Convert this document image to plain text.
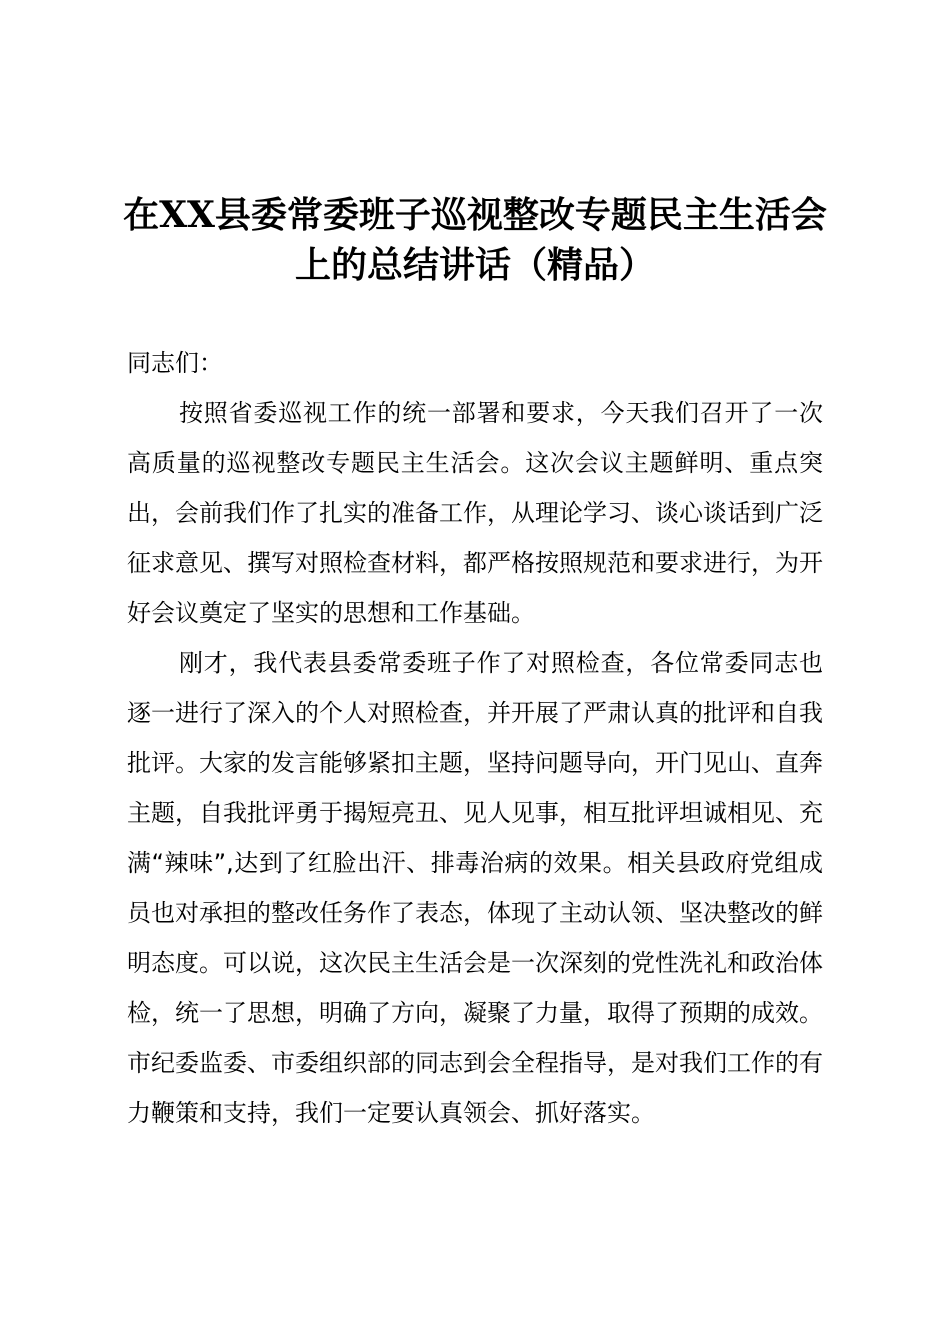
在XX县委常委班子巡视整改专题民主生活会上的总结讲话（精品）

同志们：

按照省委巡视工作的统一部署和要求，今天我们召开了一次高质量的巡视整改专题民主生活会。这次会议主题鲜明、重点突出，会前我们作了扎实的准备工作，从理论学习、谈心谈话到广泛征求意见、撰写对照检查材料，都严格按照规范和要求进行，为开好会议奠定了坚实的思想和工作基础。

刚才，我代表县委常委班子作了对照检查，各位常委同志也逐一进行了深入的个人对照检查，并开展了严肃认真的批评和自我批评。大家的发言能够紧扣主题，坚持问题导向，开门见山、直奔主题，自我批评勇于揭短亮丑、见人见事，相互批评坦诚相见、充满“辣味”,达到了红脸出汗、排毒治病的效果。相关县政府党组成员也对承担的整改任务作了表态，体现了主动认领、坚决整改的鲜明态度。可以说，这次民主生活会是一次深刻的党性洗礼和政治体检，统一了思想，明确了方向，凝聚了力量，取得了预期的成效。市纪委监委、市委组织部的同志到会全程指导，是对我们工作的有力鞭策和支持，我们一定要认真领会、抓好落实。
